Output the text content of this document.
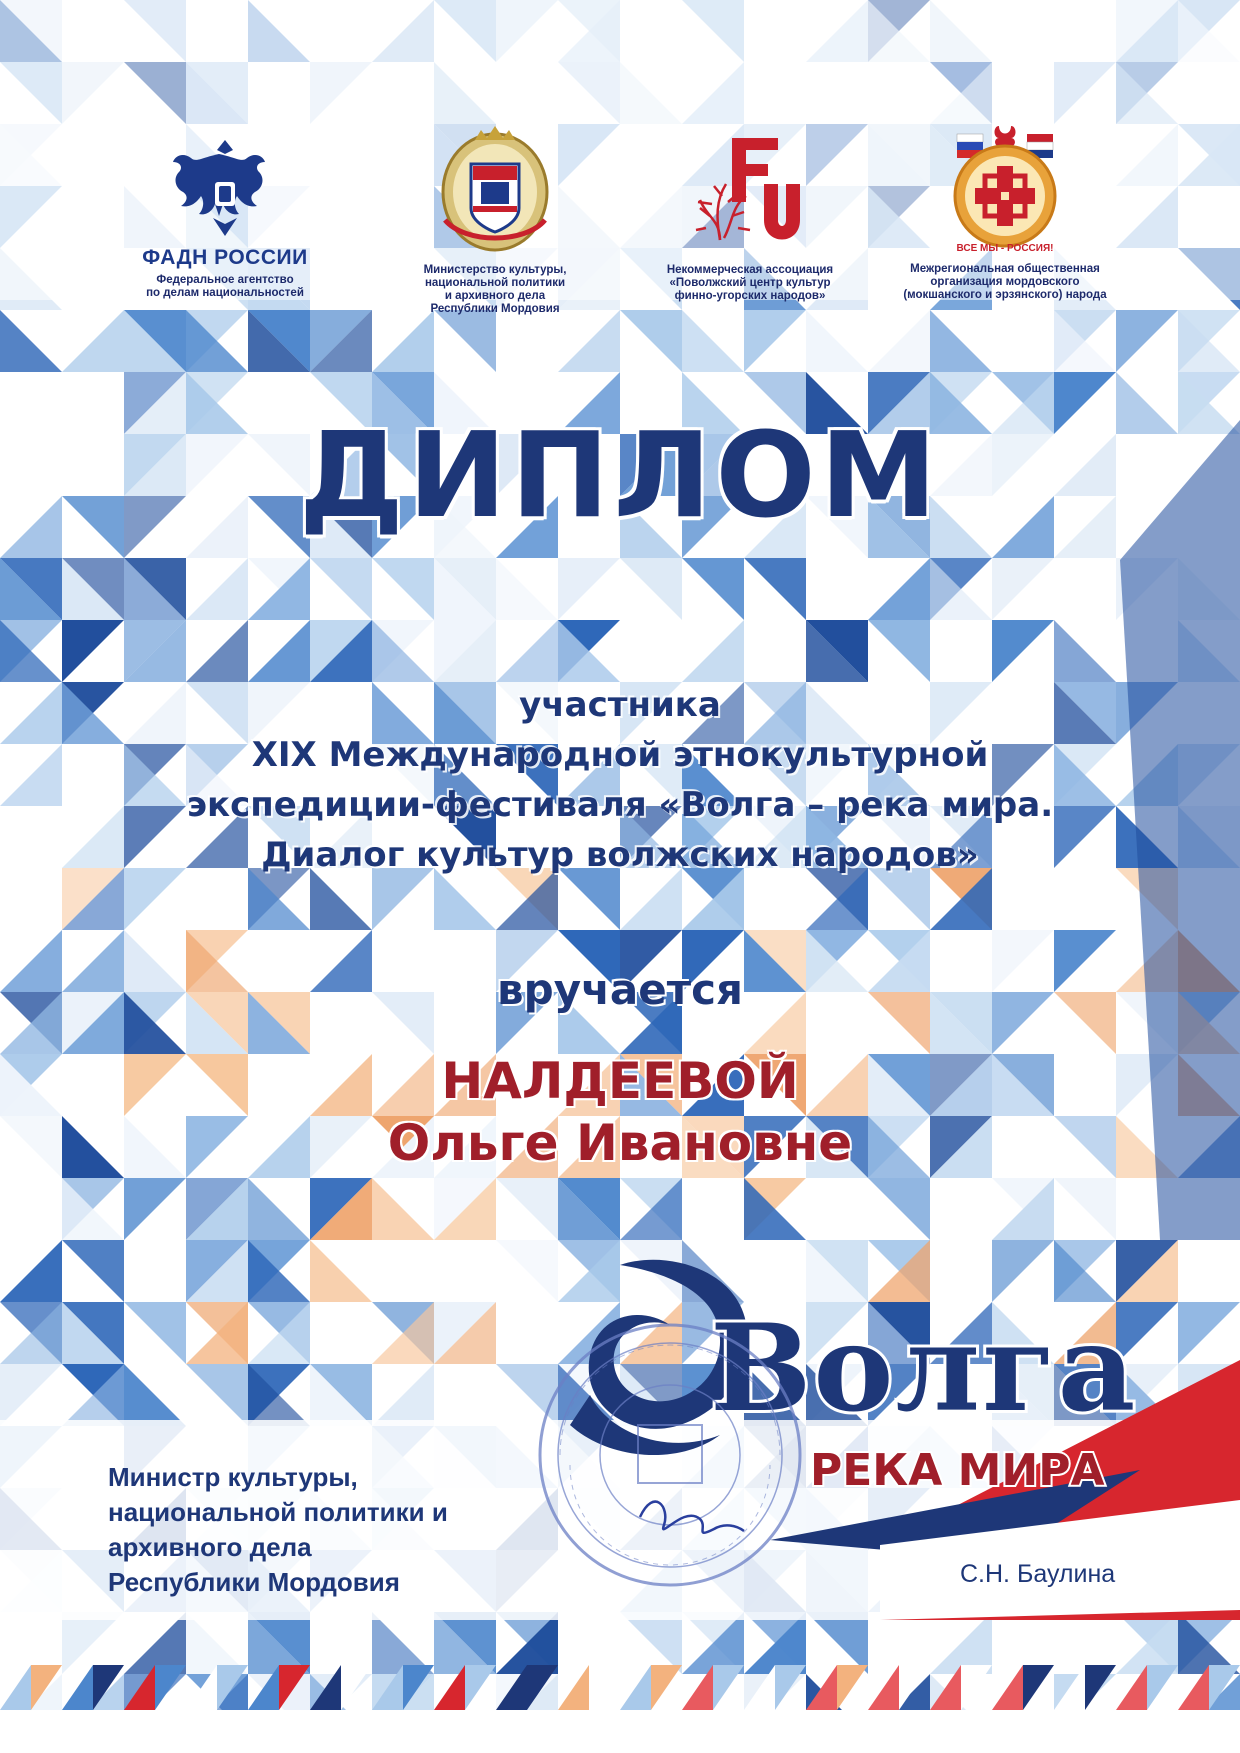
ФАДН РОССИИ
Федеральное агентство
по делам национальностей
Министерство культуры,
национальной политики
и архивного дела
Республики Мордовия
Некоммерческая ассоциация
«Поволжский центр культур
финно-угорских народов»
ВСЕ МЫ - РОССИЯ!
Межрегиональная общественная
организация мордовского
(мокшанского и эрзянского) народа
ДИПЛОМ
участника
XIX Международной этнокультурной
экспедиции-фестиваля «Волга – река мира.
Диалог культур волжских народов»
вручается
НАЛДЕЕВОЙ
Ольге Ивановне
Волга
РЕКА МИРА
Министр культуры,
национальной политики и
архивного дела
Республики Мордовия	С.Н. Баулина
